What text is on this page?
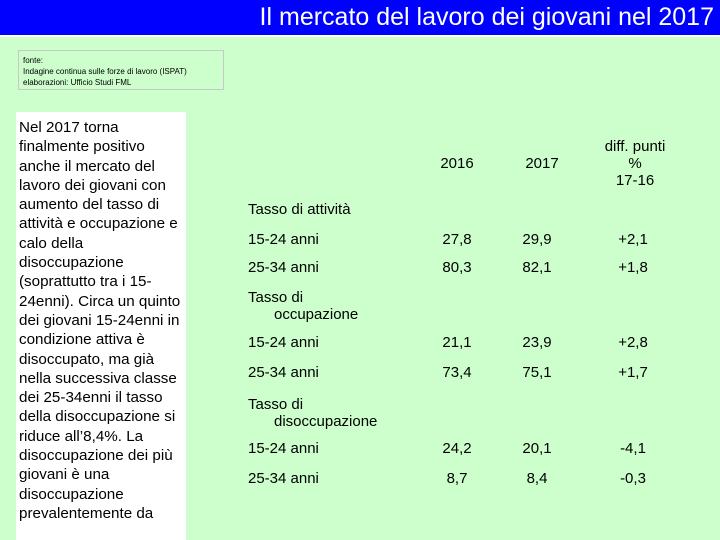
Il mercato del lavoro dei giovani nel 2017
fonte:
Indagine continua sulle forze di lavoro (ISPAT)
elaborazioni: Ufficio Studi FML
Nel 2017 torna finalmente positivo anche il mercato del lavoro dei giovani con aumento del tasso di attività e occupazione e calo della disoccupazione (soprattutto tra i 15-24enni). Circa un quinto dei giovani 15-24enni in condizione attiva è disoccupato, ma già nella successiva classe dei 25-34enni il tasso della disoccupazione si riduce all’8,4%. La disoccupazione dei più giovani è una disoccupazione prevalentemente da
2016	2017
diff. punti
%
17-16
Tasso di attività
15-24 anni	27,8	29,9	+2,1
25-34 anni	80,3	82,1	+1,8
Tasso di
occupazione
15-24 anni	21,1	23,9	+2,8
25-34 anni	73,4	75,1	+1,7
Tasso di
disoccupazione
15-24 anni	24,2	20,1	-4,1
25-34 anni	8,7	8,4	-0,3
